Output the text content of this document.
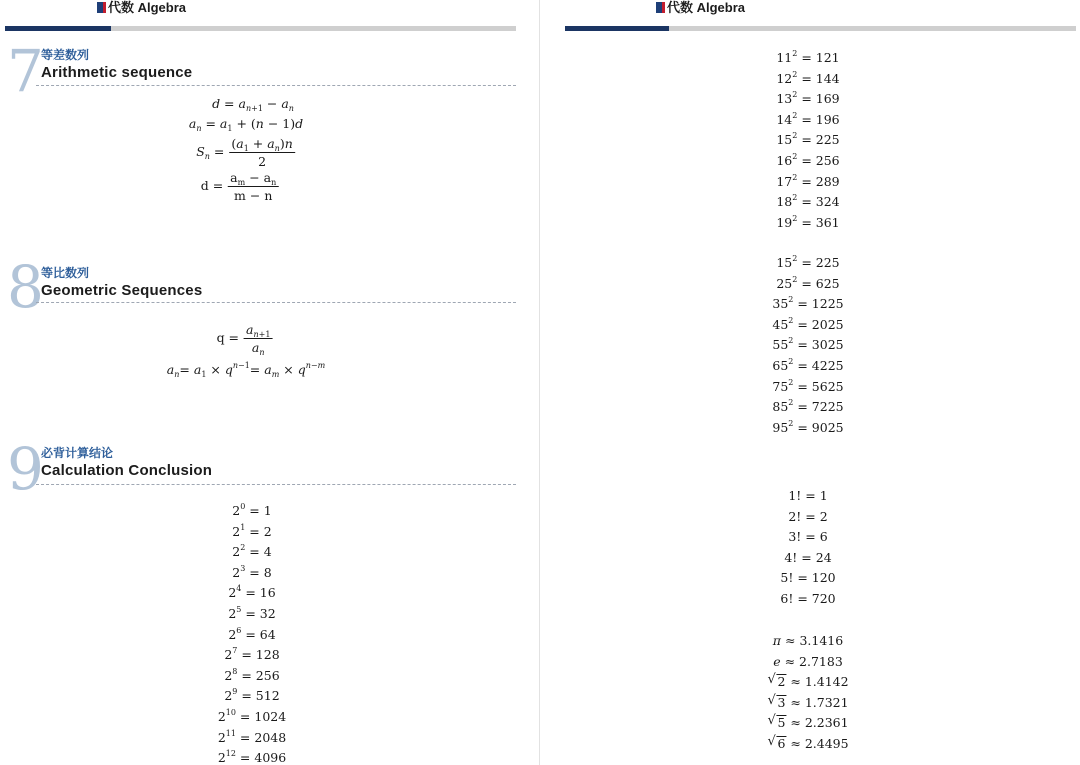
代数 Algebra
7
等差数列
Arithmetic sequence
$d = a_{n+1} - a_n$
$a_n = a_1 + (n - 1)d$
$S_n = \frac{(a_1 + a_n)n}{2}$
$d = \frac{a_m - a_n}{m - n}$
8
等比数列
Geometric Sequences
$q = \frac{a_{n+1}}{a_n}$
$a_n= a_1 \times q^{n-1}= a_m \times q^{n-m}$
9
必背计算结论
Calculation Conclusion
$2^0 = 1$
$2^1 = 2$
$2^2 = 4$
$2^3 = 8$
$2^4 = 16$
$2^5 = 32$
$2^6 = 64$
$2^7 = 128$
$2^8 = 256$
$2^9 = 512$
$2^{10} = 1024$
$2^{11} = 2048$
$2^{12} = 4096$
代数 Algebra
$11^2 = 121$
$12^2 = 144$
$13^2 = 169$
$14^2 = 196$
$15^2 = 225$
$16^2 = 256$
$17^2 = 289$
$18^2 = 324$
$19^2 = 361$
$15^2 = 225$
$25^2 = 625$
$35^2 = 1225$
$45^2 = 2025$
$55^2 = 3025$
$65^2 = 4225$
$75^2 = 5625$
$85^2 = 7225$
$95^2 = 9025$
1! = 1
2! = 2
3! = 6
4! = 24
5! = 120
6! = 720
π ≈ 3.1416
e ≈ 2.7183
√ 2 ≈ 1.4142
√ 3 ≈ 1.7321
√ 5 ≈ 2.2361
√ 6 ≈ 2.4495
